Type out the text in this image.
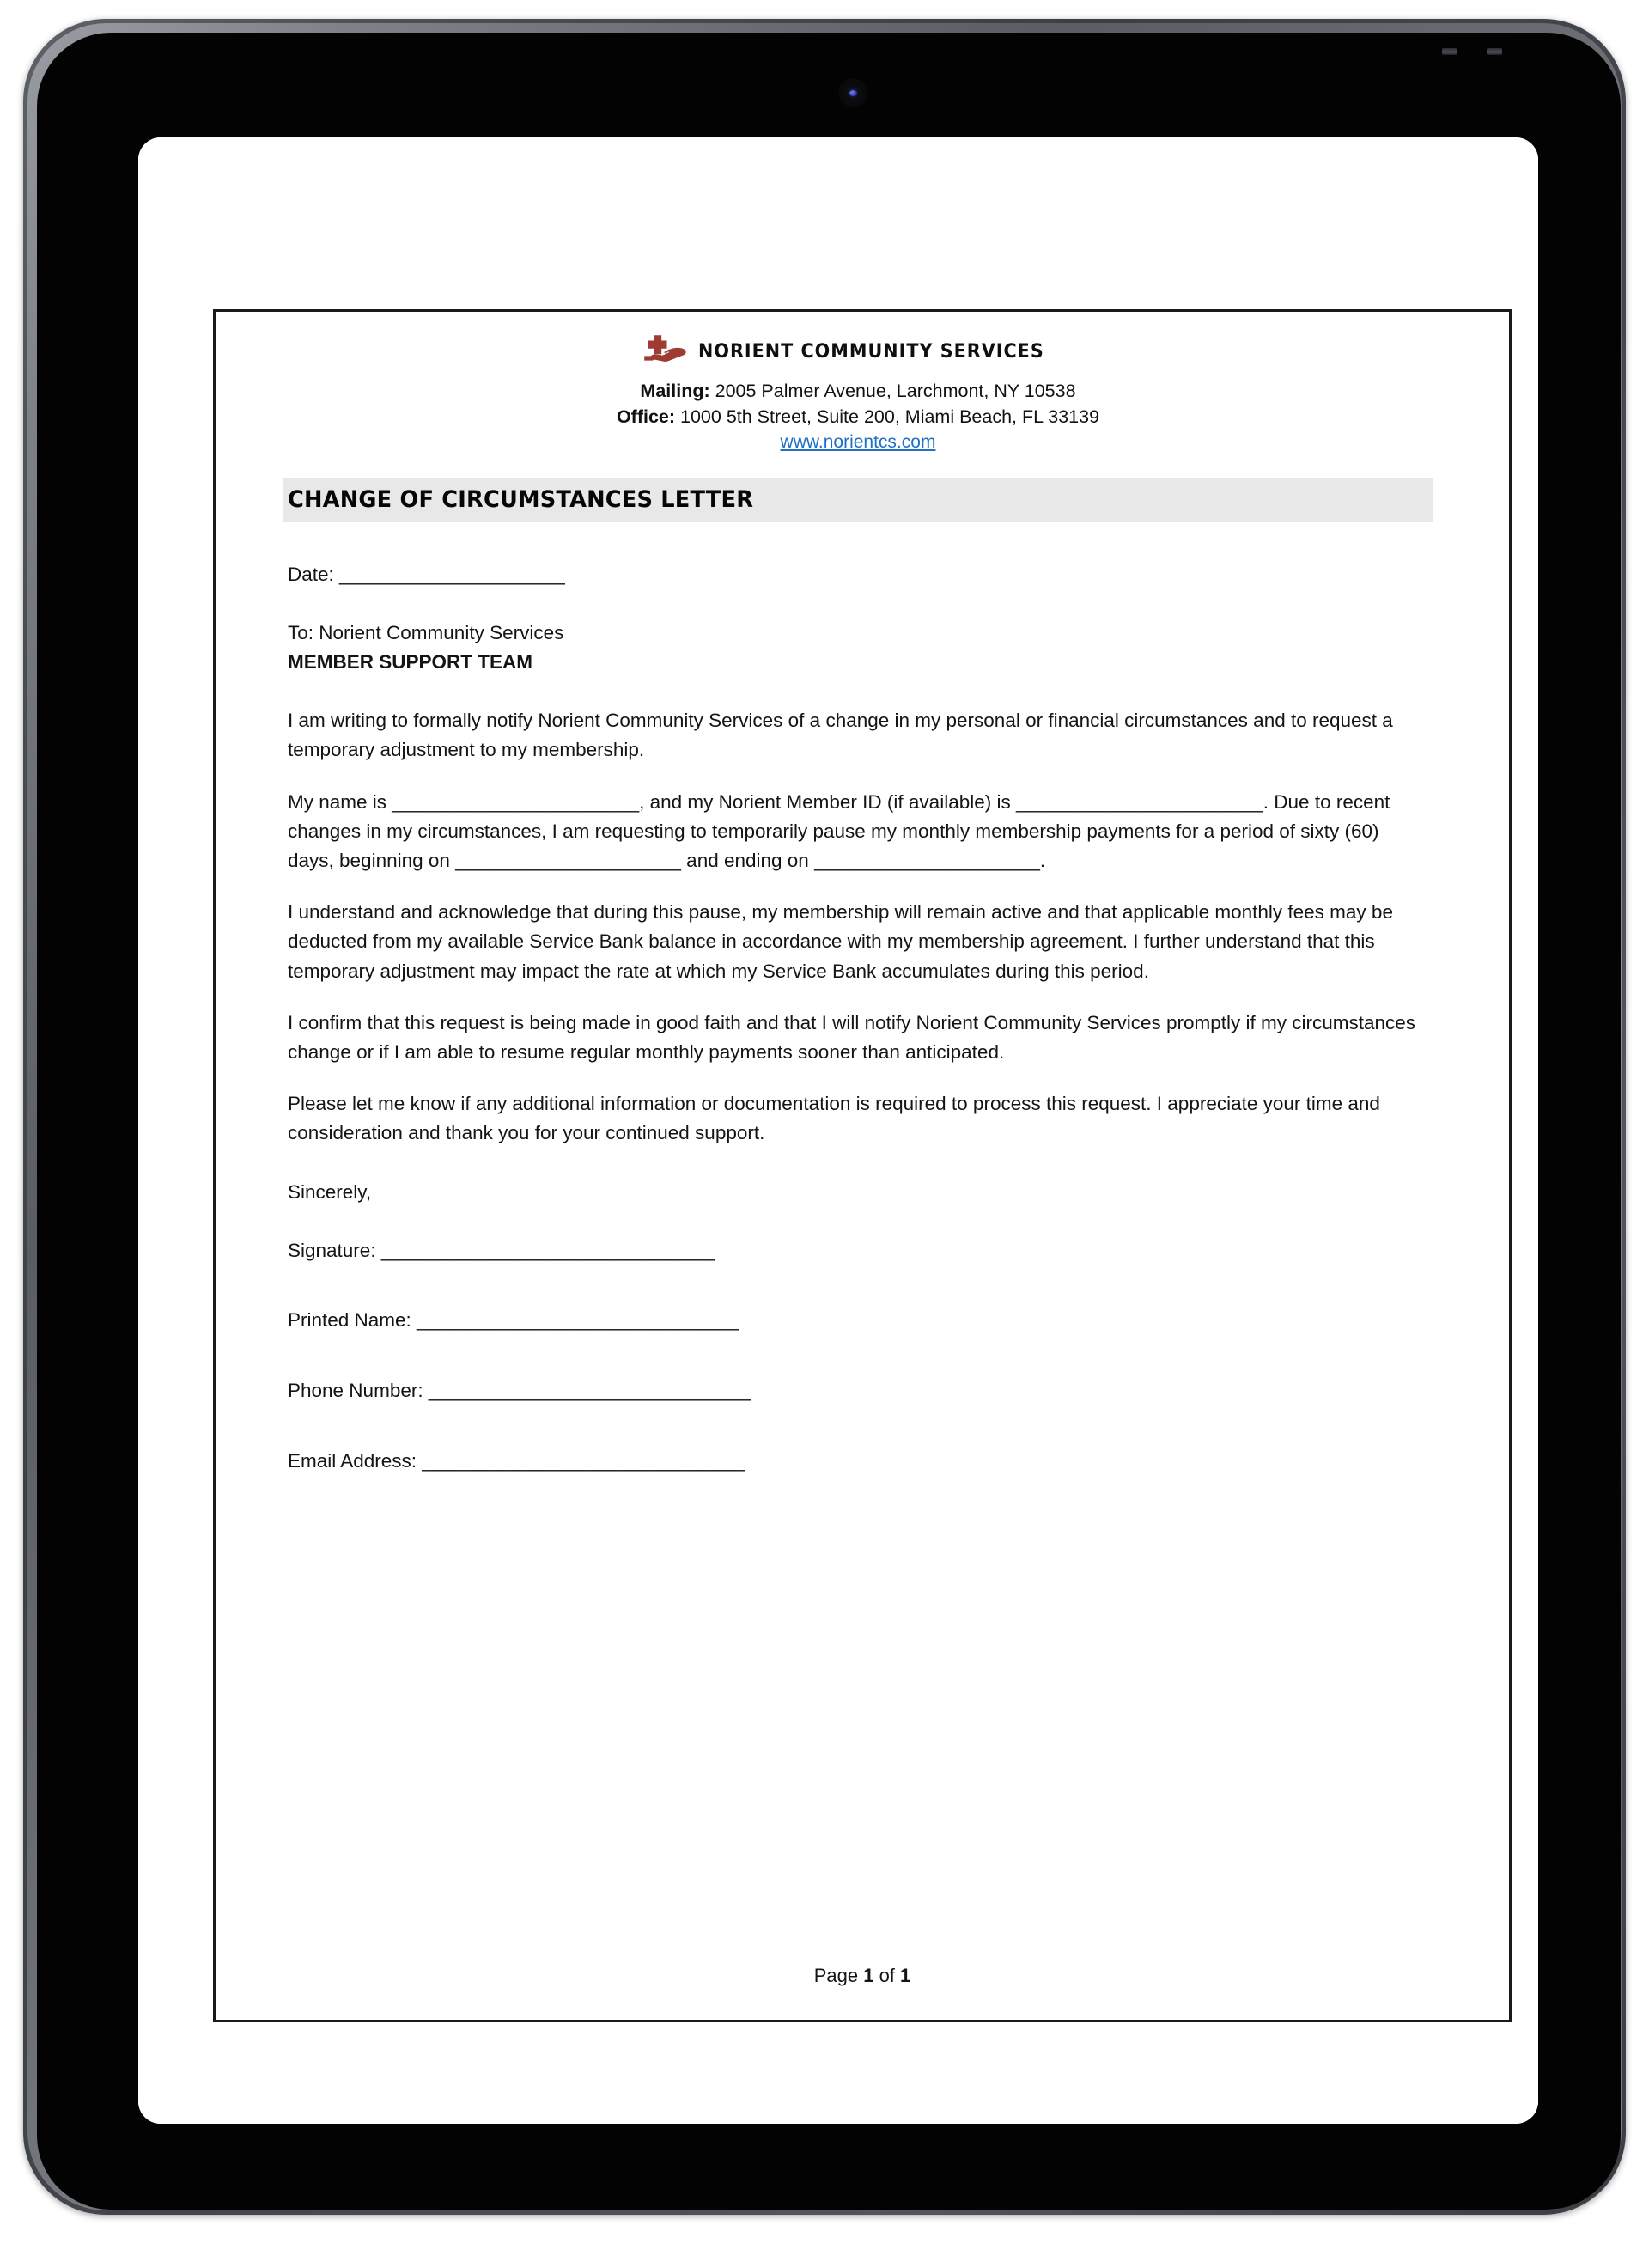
NORIENT COMMUNITY SERVICES
Mailing: 2005 Palmer Avenue, Larchmont, NY 10538
Office: 1000 5th Street, Suite 200, Miami Beach, FL 33139
www.norientcs.com
CHANGE OF CIRCUMSTANCES LETTER

Date: _____________________

To: Norient Community Services

MEMBER SUPPORT TEAM

I am writing to formally notify Norient Community Services of a change in my personal or financial circumstances and to request a temporary adjustment to my membership.

My name is _______________________, and my Norient Member ID (if available) is _______________________. Due to recent changes in my circumstances, I am requesting to temporarily pause my monthly membership payments for a period of sixty (60) days, beginning on _____________________ and ending on _____________________.

I understand and acknowledge that during this pause, my membership will remain active and that applicable monthly fees may be deducted from my available Service Bank balance in accordance with my membership agreement. I further understand that this temporary adjustment may impact the rate at which my Service Bank accumulates during this period.

I confirm that this request is being made in good faith and that I will notify Norient Community Services promptly if my circumstances change or if I am able to resume regular monthly payments sooner than anticipated.

Please let me know if any additional information or documentation is required to process this request. I appreciate your time and consideration and thank you for your continued support.

Sincerely,

Signature: _______________________________

Printed Name: ______________________________

Phone Number: ______________________________

Email Address: ______________________________

Page 1 of 1
